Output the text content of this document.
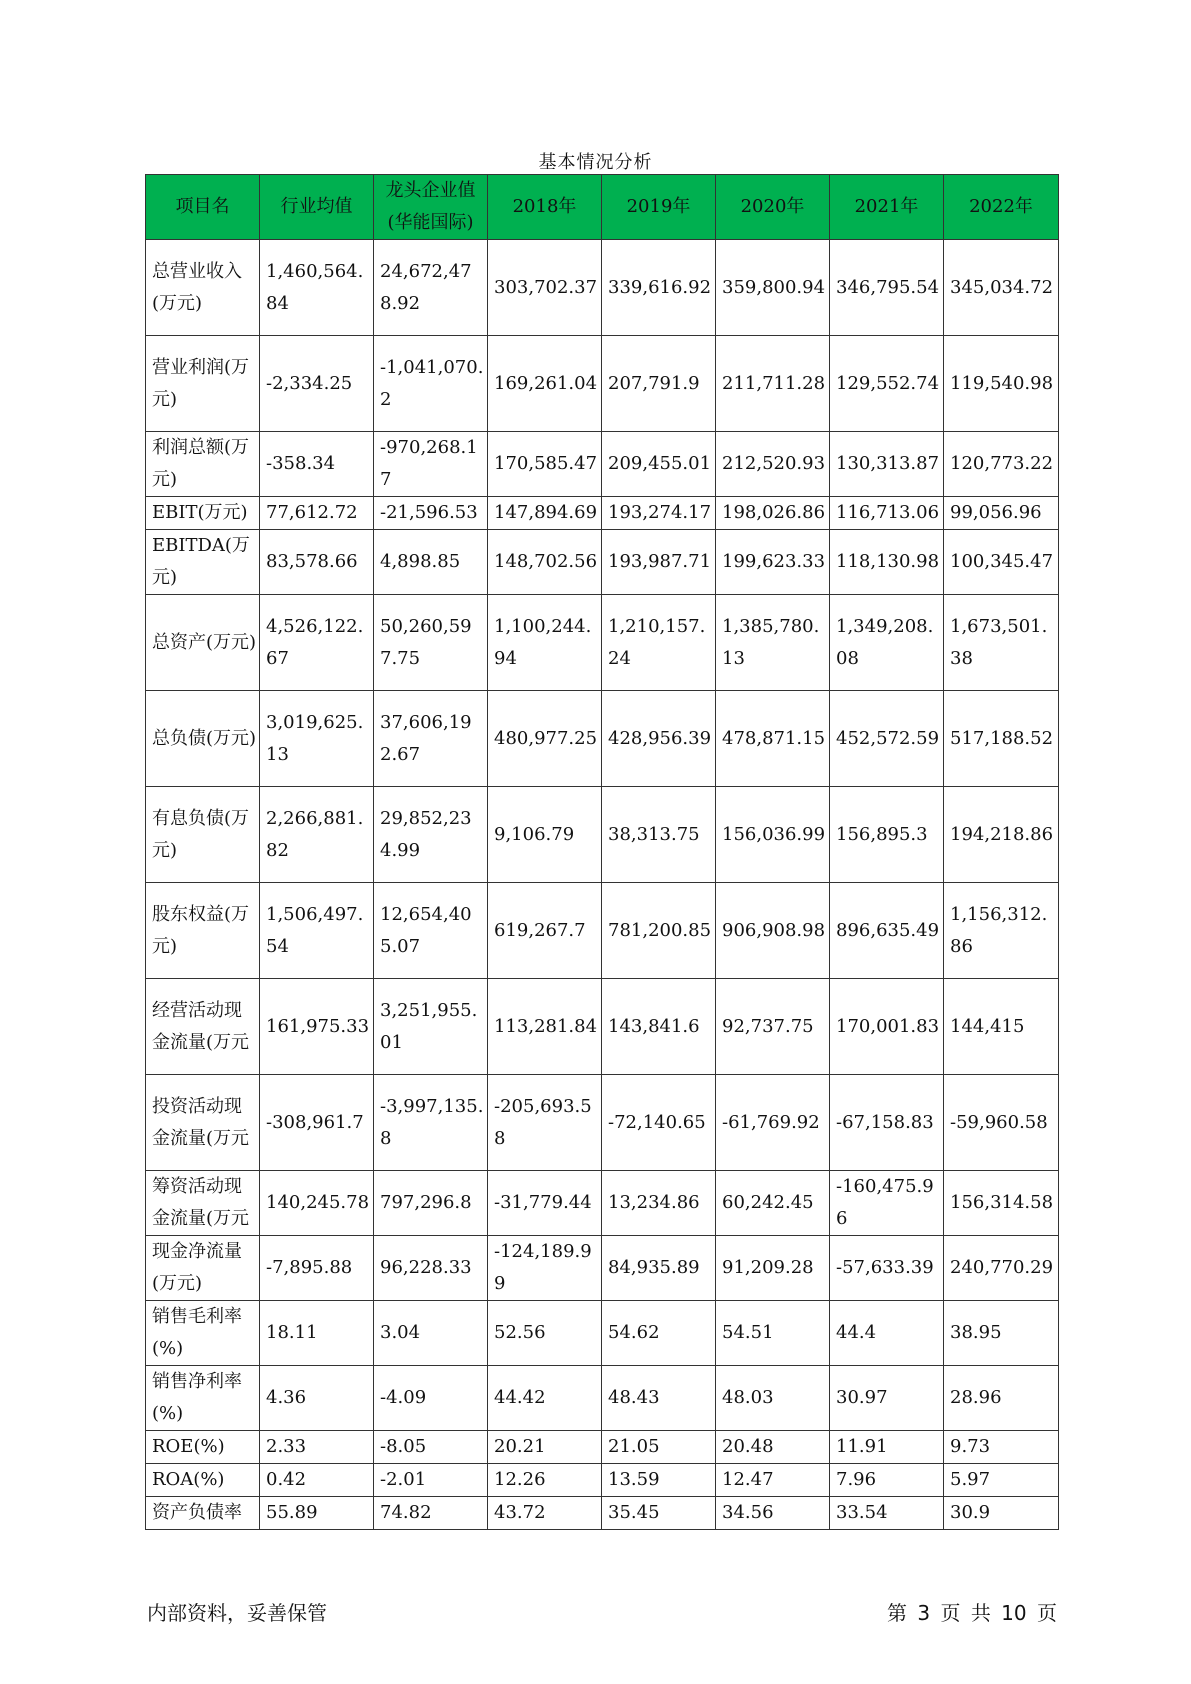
基本情况分析
项目名	行业均值	龙头企业值(华能国际)	2018年	2019年	2020年	2021年	2022年
总营业收入(万元)	1,460,564.84	24,672,478.92	303,702.37	339,616.92	359,800.94	346,795.54	345,034.72
营业利润(万元)	-2,334.25	-1,041,070.2	169,261.04	207,791.9	211,711.28	129,552.74	119,540.98
利润总额(万元)	-358.34	-970,268.17	170,585.47	209,455.01	212,520.93	130,313.87	120,773.22
EBIT(万元)	77,612.72	-21,596.53	147,894.69	193,274.17	198,026.86	116,713.06	99,056.96
EBITDA(万元)	83,578.66	4,898.85	148,702.56	193,987.71	199,623.33	118,130.98	100,345.47
总资产(万元)	4,526,122.67	50,260,597.75	1,100,244.94	1,210,157.24	1,385,780.13	1,349,208.08	1,673,501.38
总负债(万元)	3,019,625.13	37,606,192.67	480,977.25	428,956.39	478,871.15	452,572.59	517,188.52
有息负债(万元)	2,266,881.82	29,852,234.99	9,106.79	38,313.75	156,036.99	156,895.3	194,218.86
股东权益(万元)	1,506,497.54	12,654,405.07	619,267.7	781,200.85	906,908.98	896,635.49	1,156,312.86
经营活动现金流量(万元	161,975.33	3,251,955.01	113,281.84	143,841.6	92,737.75	170,001.83	144,415
投资活动现金流量(万元	-308,961.7	-3,997,135.8	-205,693.58	-72,140.65	-61,769.92	-67,158.83	-59,960.58
筹资活动现金流量(万元	140,245.78	797,296.8	-31,779.44	13,234.86	60,242.45	-160,475.96	156,314.58
现金净流量(万元)	-7,895.88	96,228.33	-124,189.99	84,935.89	91,209.28	-57,633.39	240,770.29
销售毛利率(%)	18.11	3.04	52.56	54.62	54.51	44.4	38.95
销售净利率(%)	4.36	-4.09	44.42	48.43	48.03	30.97	28.96
ROE(%)	2.33	-8.05	20.21	21.05	20.48	11.91	9.73
ROA(%)	0.42	-2.01	12.26	13.59	12.47	7.96	5.97
资产负债率	55.89	74.82	43.72	35.45	34.56	33.54	30.9
内部资料，妥善保管	第 3 页 共 10 页
